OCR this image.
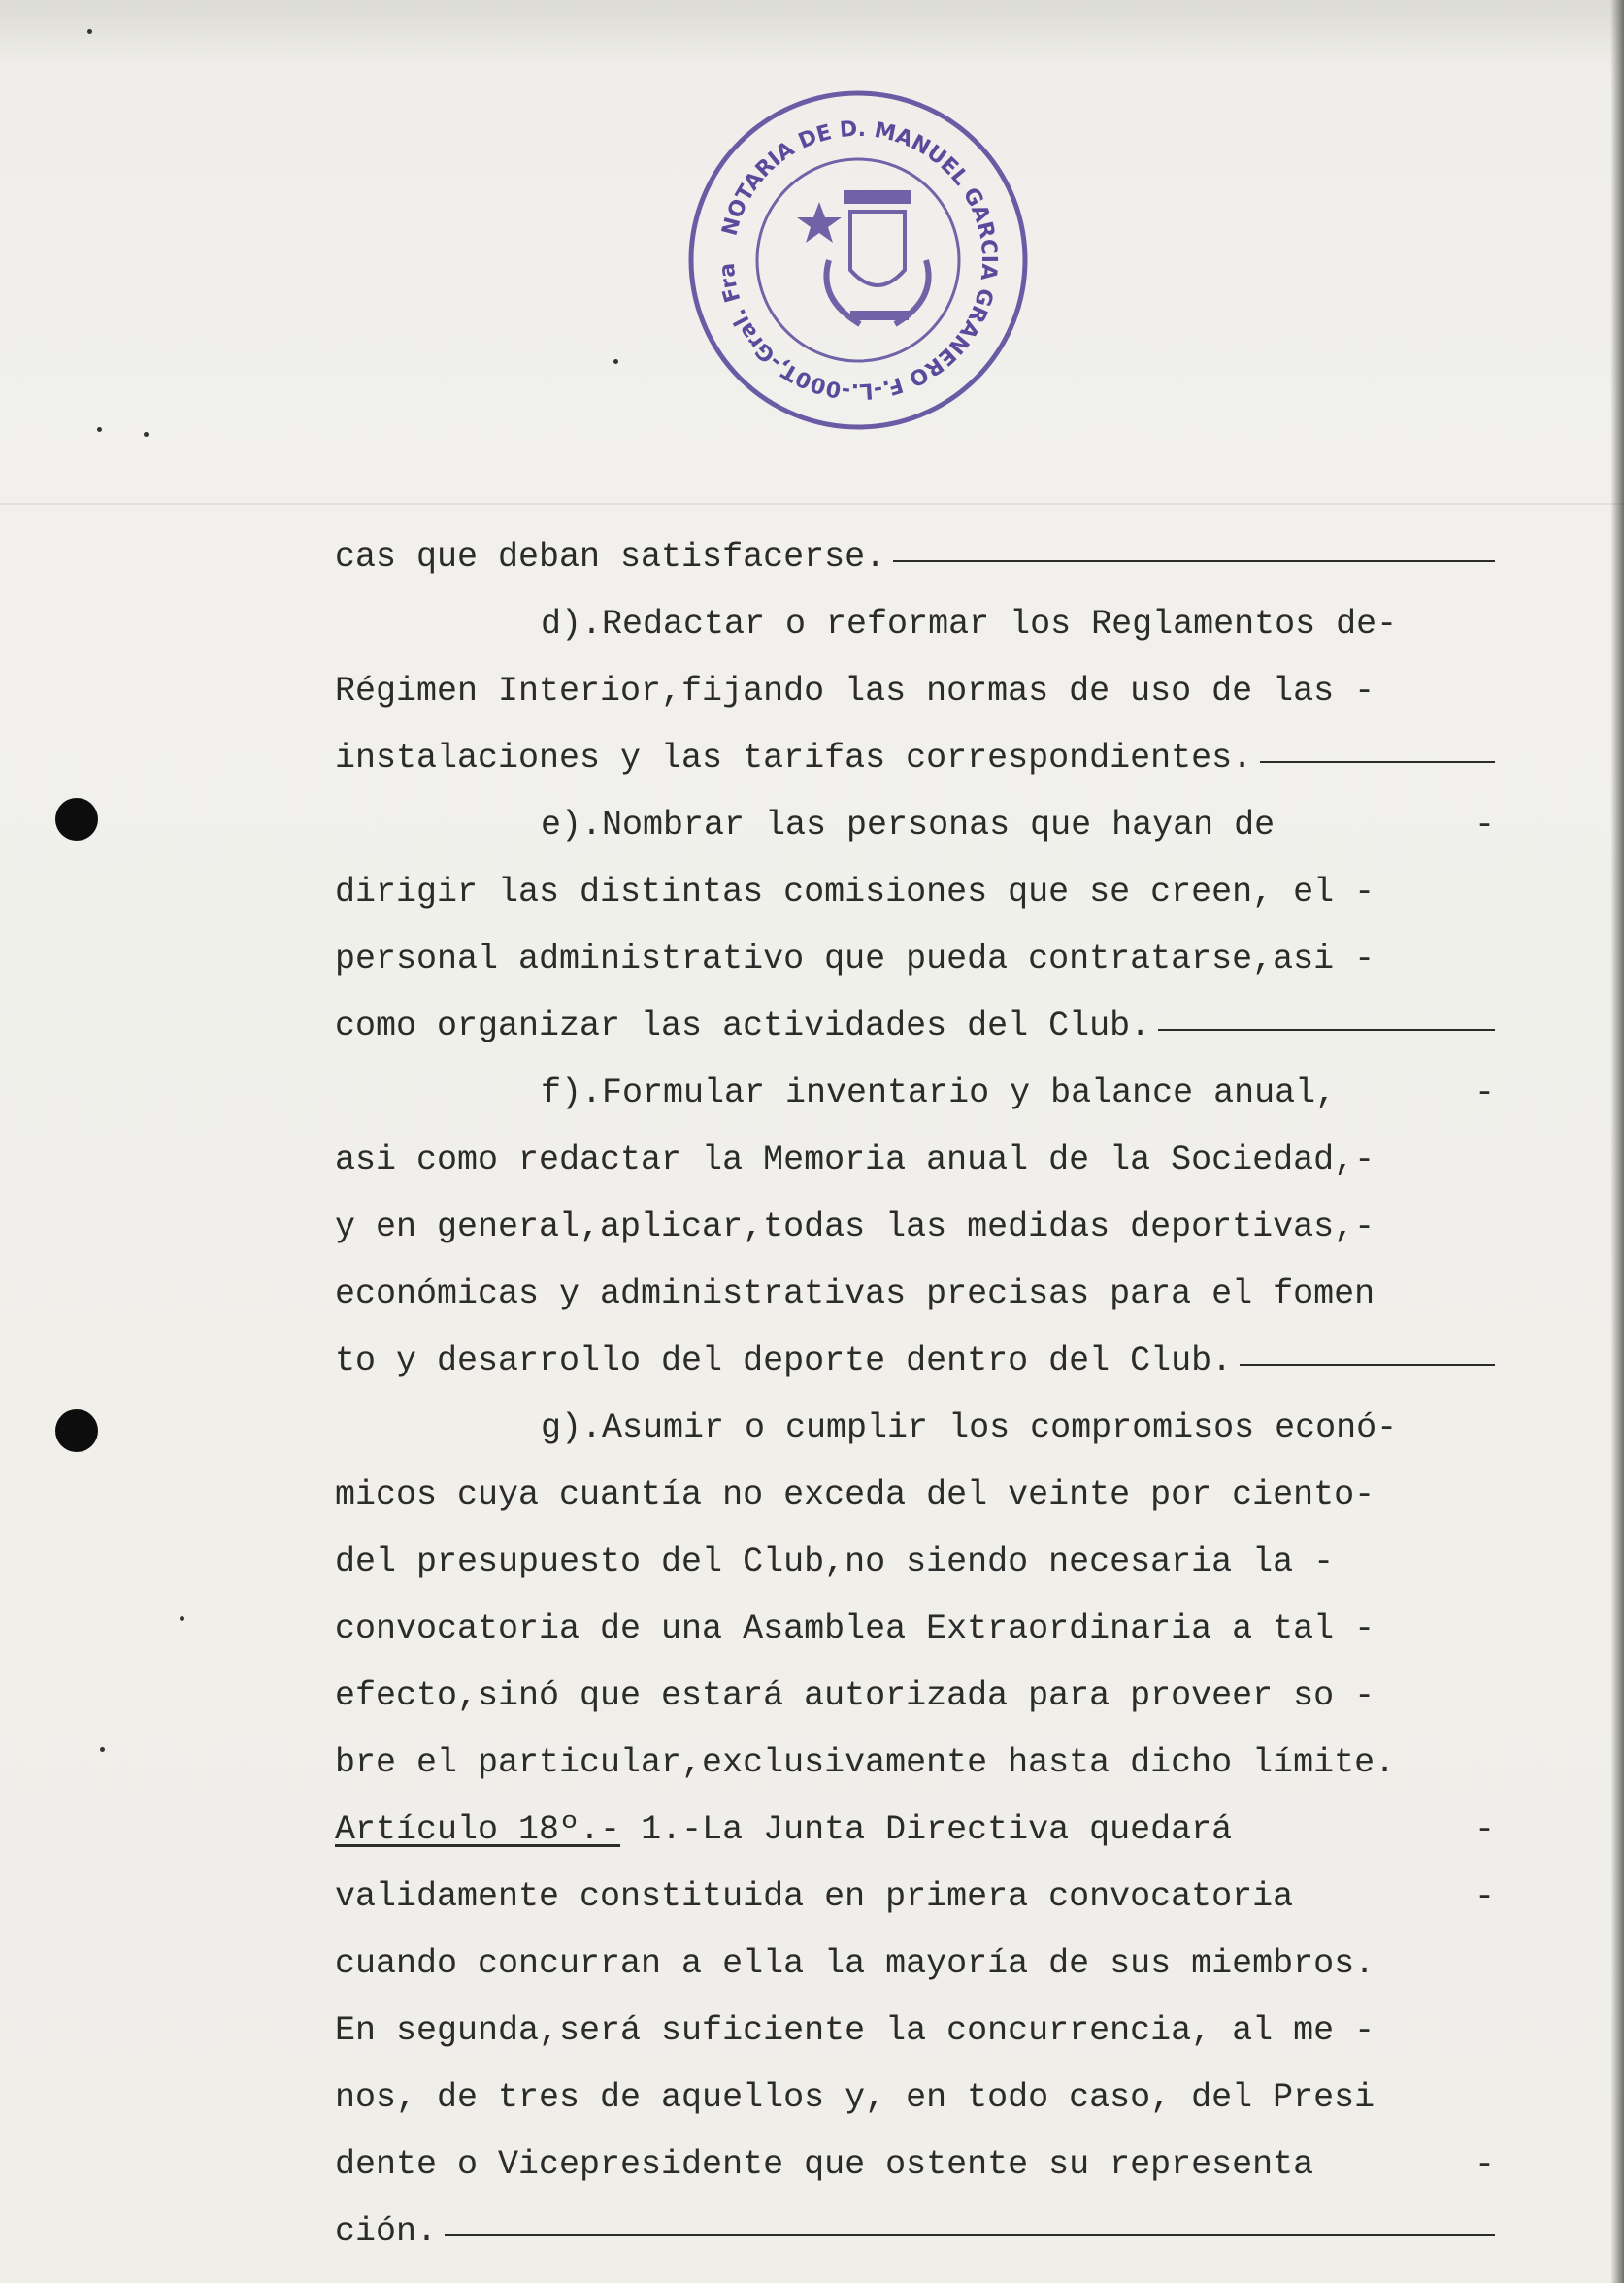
NOTARIA DE D. MANUEL GARCIA GRANERO F.-L.-000T,-Gral. Fra
cas que deban satisfacerse.
d).Redactar o reformar los Reglamentos de-
Régimen Interior,fijando las normas de uso de las -
instalaciones y las tarifas correspondientes.
e).Nombrar las personas que hayan de	-
dirigir las distintas comisiones que se creen, el -
personal administrativo que pueda contratarse,asi -
como organizar las actividades del Club.
f).Formular inventario y balance anual,	-
asi como redactar la Memoria anual de la Sociedad,-
y en general,aplicar,todas las medidas deportivas,-
económicas y administrativas precisas para el fomen
to y desarrollo del deporte dentro del Club.
g).Asumir o cumplir los compromisos econó-
micos cuya cuantía no exceda del veinte por ciento-
del presupuesto del Club,no siendo necesaria la -
convocatoria de una Asamblea Extraordinaria a tal -
efecto,sinó que estará autorizada para proveer so -
bre el particular,exclusivamente hasta dicho límite.
Artículo 18º.- 1.-La Junta Directiva quedará	-
validamente constituida en primera convocatoria	-
cuando concurran a ella la mayoría de sus miembros.
En segunda,será suficiente la concurrencia, al me -
nos, de tres de aquellos y, en todo caso, del Presi
dente o Vicepresidente que ostente su representa	-
ción.
